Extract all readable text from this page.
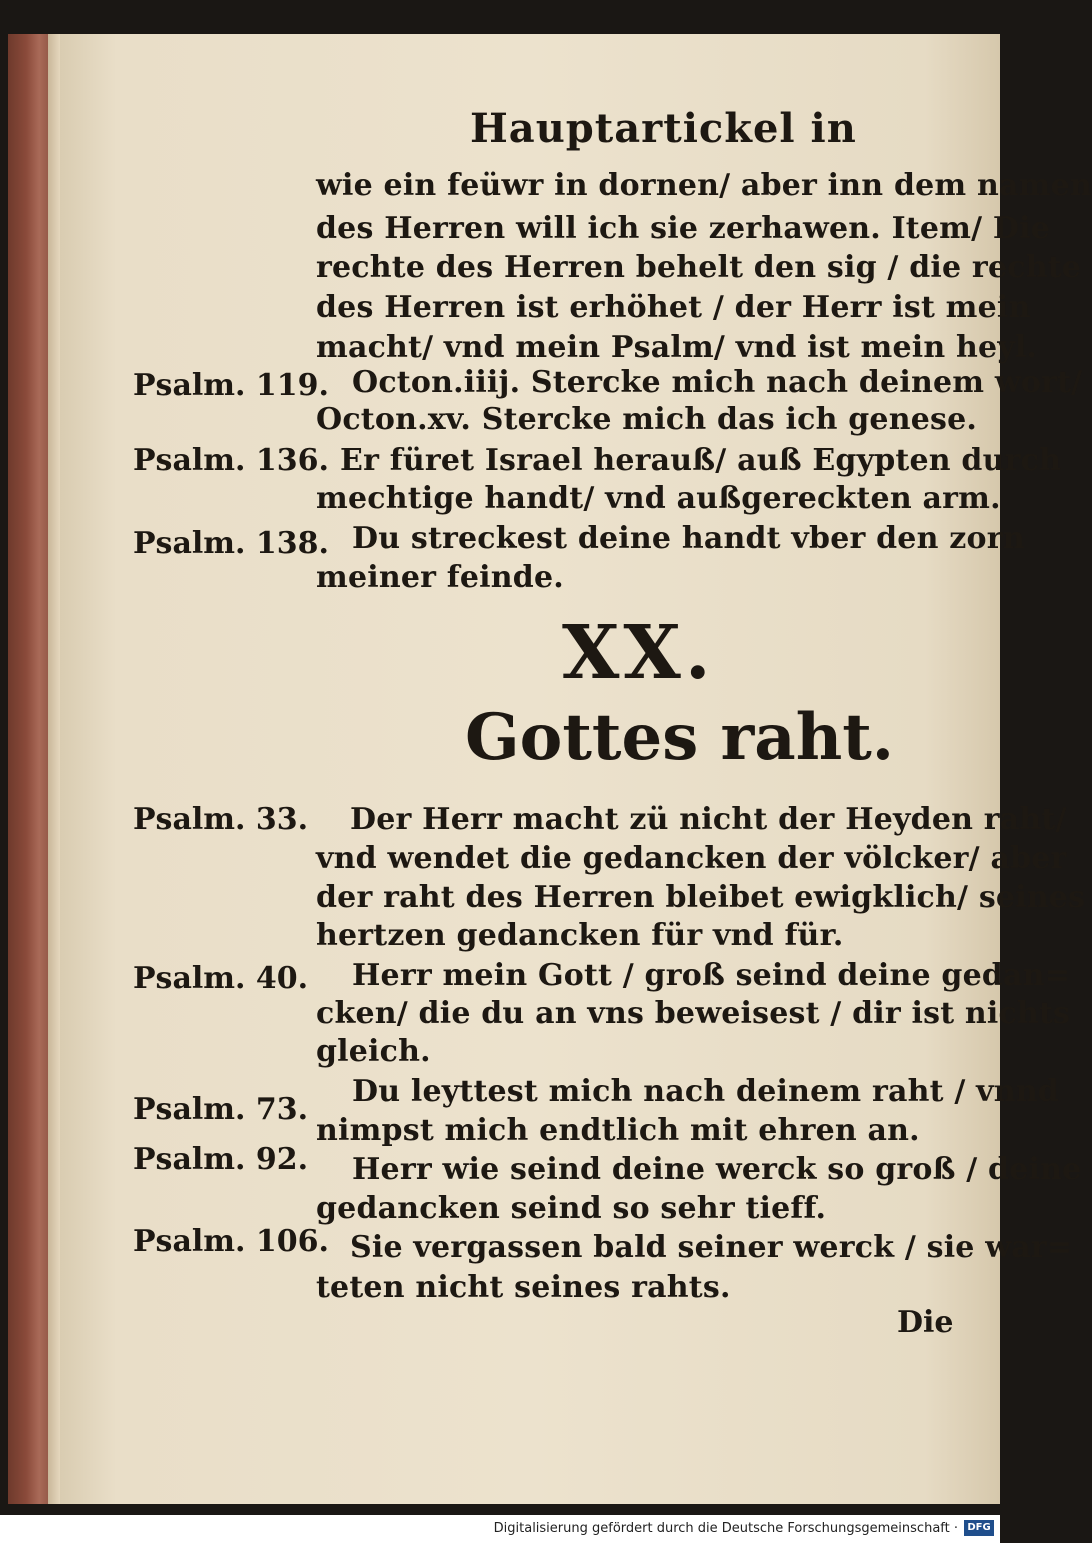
Hauptartickel in
wie ein feüwr in dornen/ aber inn dem namen
des Herren will ich sie zerhawen. Item/ Die
rechte des Herren behelt den sig / die rechte
des Herren ist erhöhet / der Herr ist mein
macht/ vnd mein Psalm/ vnd ist mein heyl.
Octon.iiij. Stercke mich nach deinem wort/
Octon.xv. Stercke mich das ich genese.
Er füret Israel herauß/ auß Egypten durch
mechtige handt/ vnd außgereckten arm.
Du streckest deine handt vber den zorn
meiner feinde.
XX.
Gottes raht.
Der Herr macht zü nicht der Heyden raht/
vnd wendet die gedancken der völcker/ aber
der raht des Herren bleibet ewigklich/ seines
hertzen gedancken für vnd für.
Herr mein Gott / groß seind deine gedan=
cken/ die du an vns beweisest / dir ist nichts
gleich.
Du leyttest mich nach deinem raht / vnnd
nimpst mich endtlich mit ehren an.
Herr wie seind deine werck so groß / deine
gedancken seind so sehr tieff.
Sie vergassen bald seiner werck / sie war=
teten nicht seines rahts.
Psalm. 119.
Psalm. 136.
Psalm. 138.
Psalm. 33.
Psalm. 40.
Psalm. 73.
Psalm. 92.
Psalm. 106.
Die
Digitalisierung gefördert durch die Deutsche Forschungsgemeinschaft · DFG
